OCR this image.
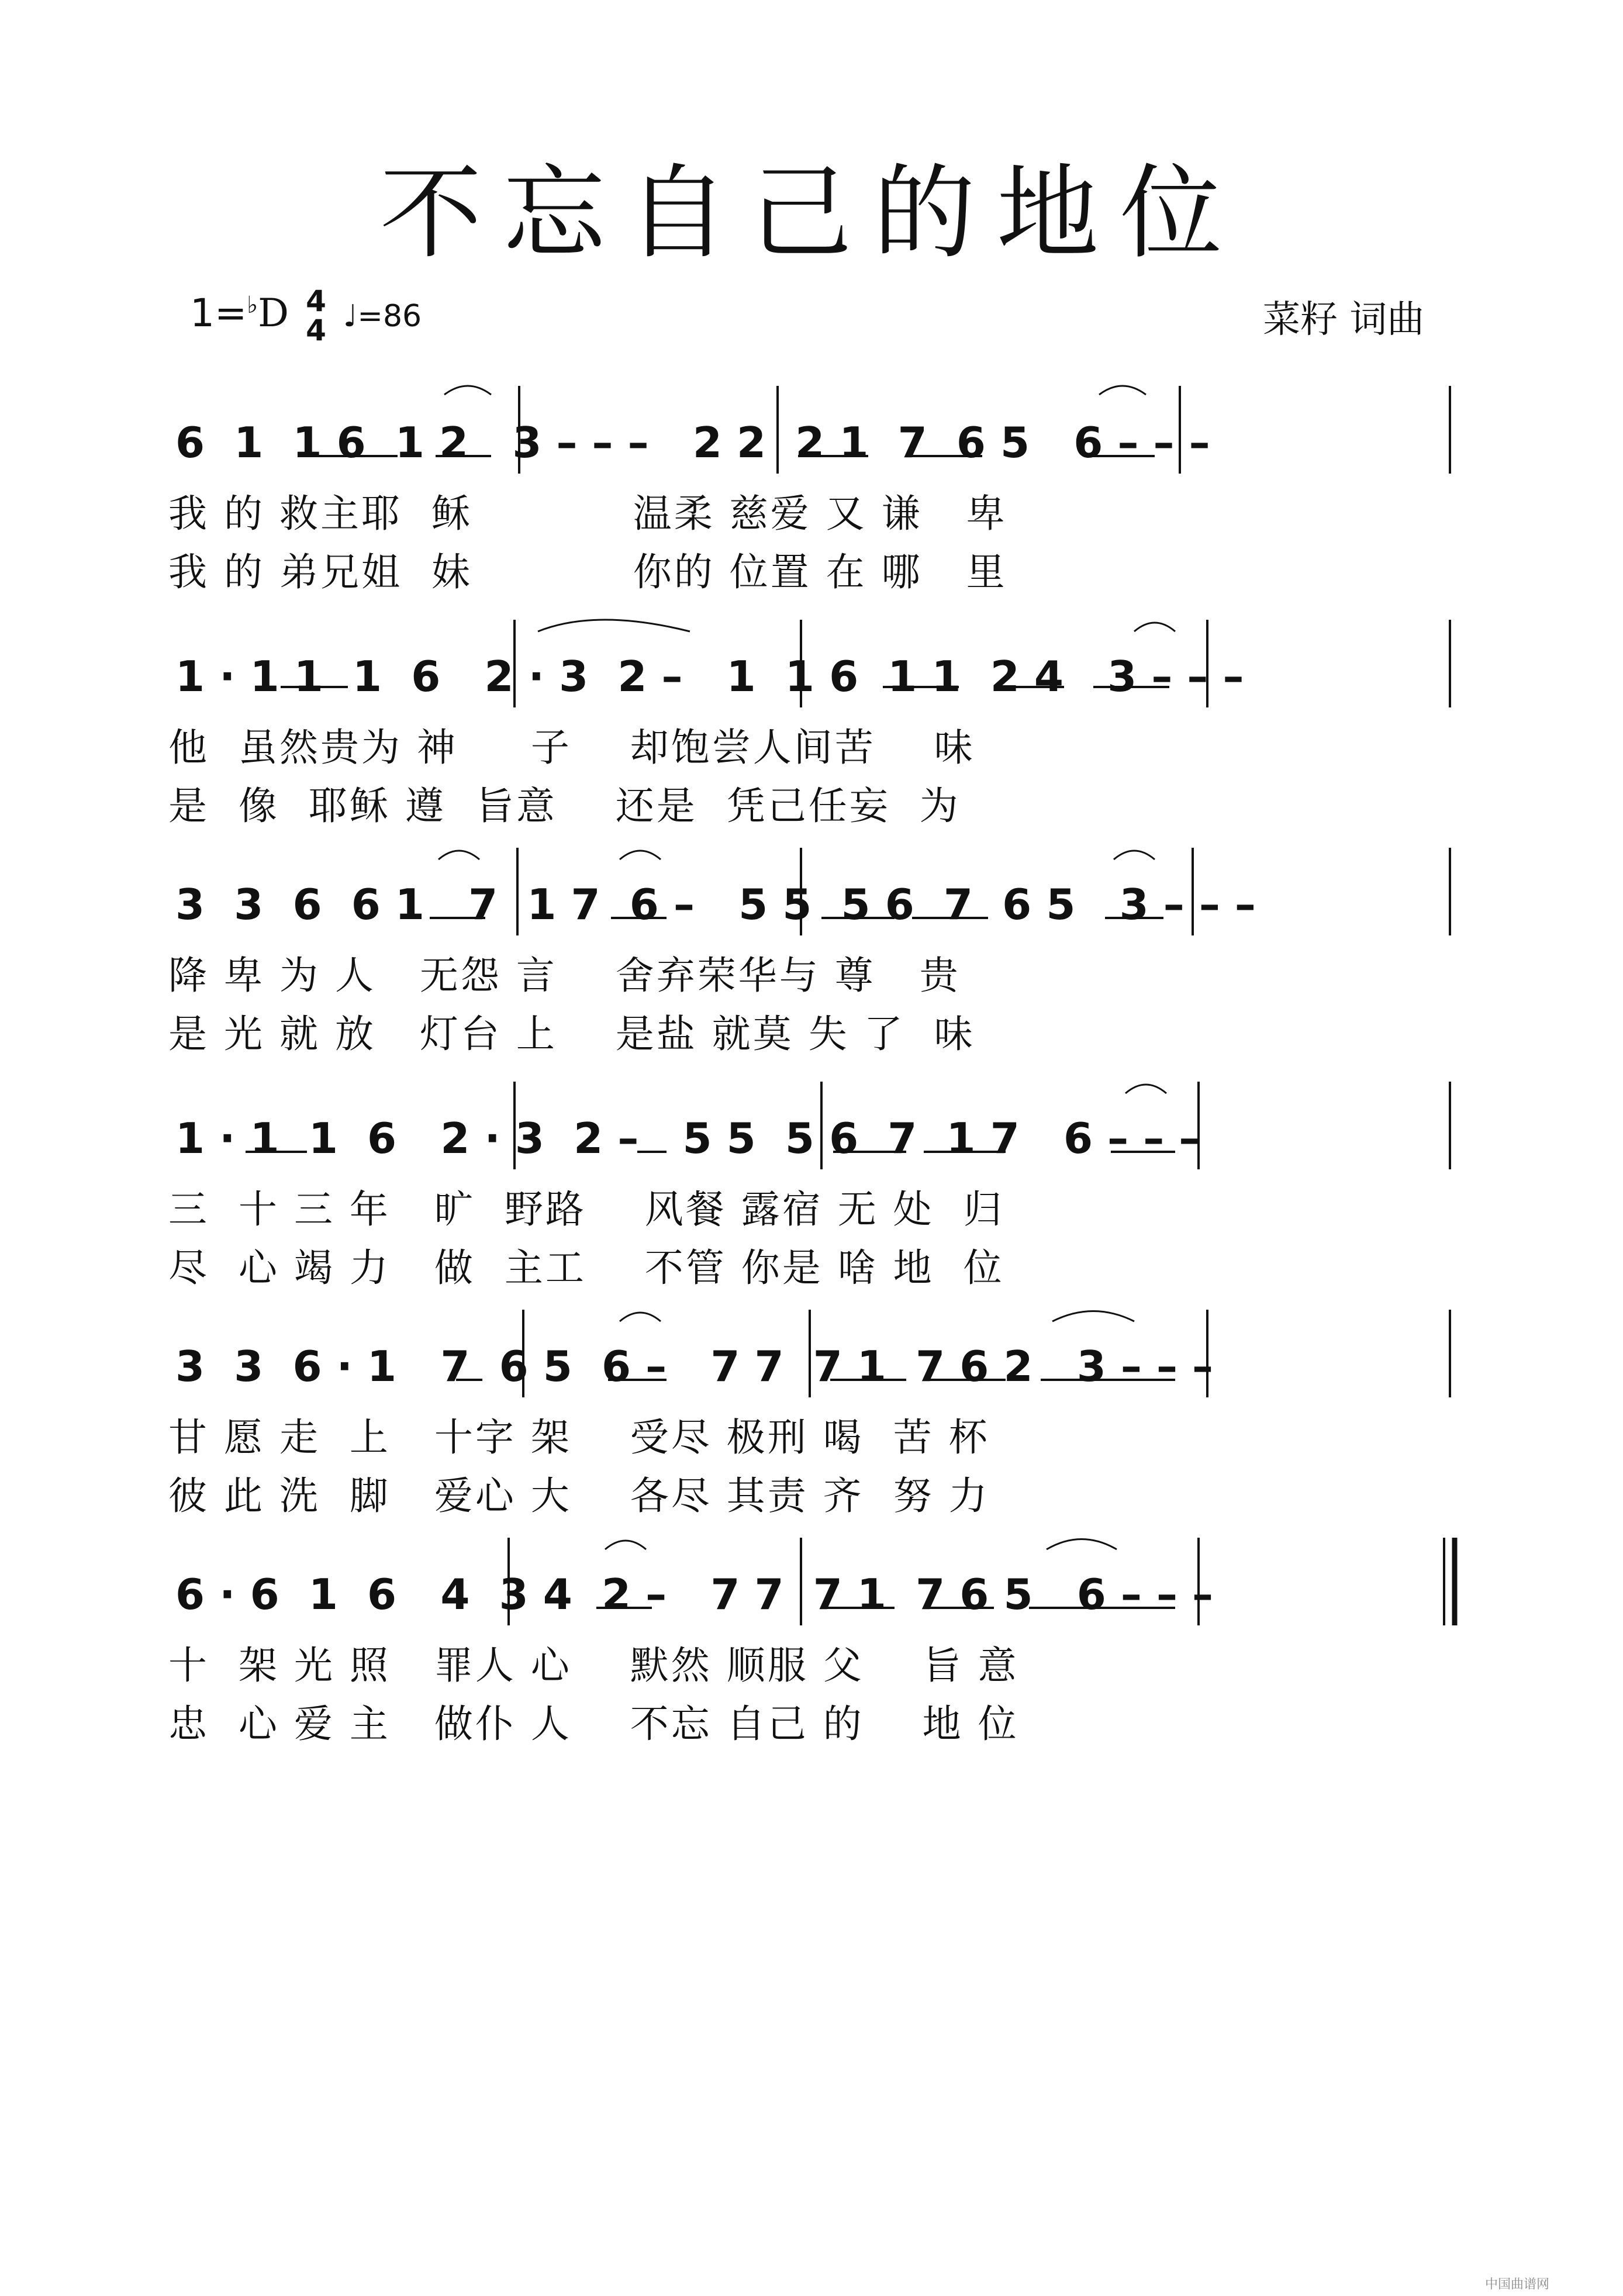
不忘自己的地位
1=♭D 4
4 ♩=86	菜籽 词曲
6  1  1 6  1 2   3 – – –   2 2  2 1  7  6 5   6 – – –
我 的 救主耶  稣           温柔 慈爱 又 谦   卑
我 的 弟兄姐  妹           你的 位置 在 哪   里
1 · 1 1  1  6   2 · 3  2 –   1  1 6  1 1  2 4   3 – – –
他  虽然贵为 神     子    却饱尝人间苦    味
是  像  耶稣 遵  旨意    还是  凭己任妄  为
3  3  6  6 1   7  1 7  6 –   5 5  5 6  7  6 5   3 – – –
降 卑 为 人   无怨 言    舍弃荣华与 尊   贵
是 光 就 放   灯台 上    是盐 就莫 失 了  味
1 · 1  1  6   2 · 3  2 –   5 5  5 6  7  1 7   6 – – –
三  十 三 年   旷  野路    风餐 露宿 无 处  归
尽  心 竭 力   做  主工    不管 你是 啥 地  位
3  3  6 · 1   7  6 5  6 –   7 7  7 1  7 6 2   3 – – –
甘 愿 走  上   十字 架    受尽 极刑 喝  苦 杯
彼 此 洗  脚   爱心 大    各尽 其责 齐  努 力
6 · 6  1  6   4  3 4  2 –   7 7  7 1  7 6 5   6 – – –
十  架 光 照   罪人 心    默然 顺服 父    旨 意
忠  心 爱 主   做仆 人    不忘 自己 的    地 位
中国曲谱网
